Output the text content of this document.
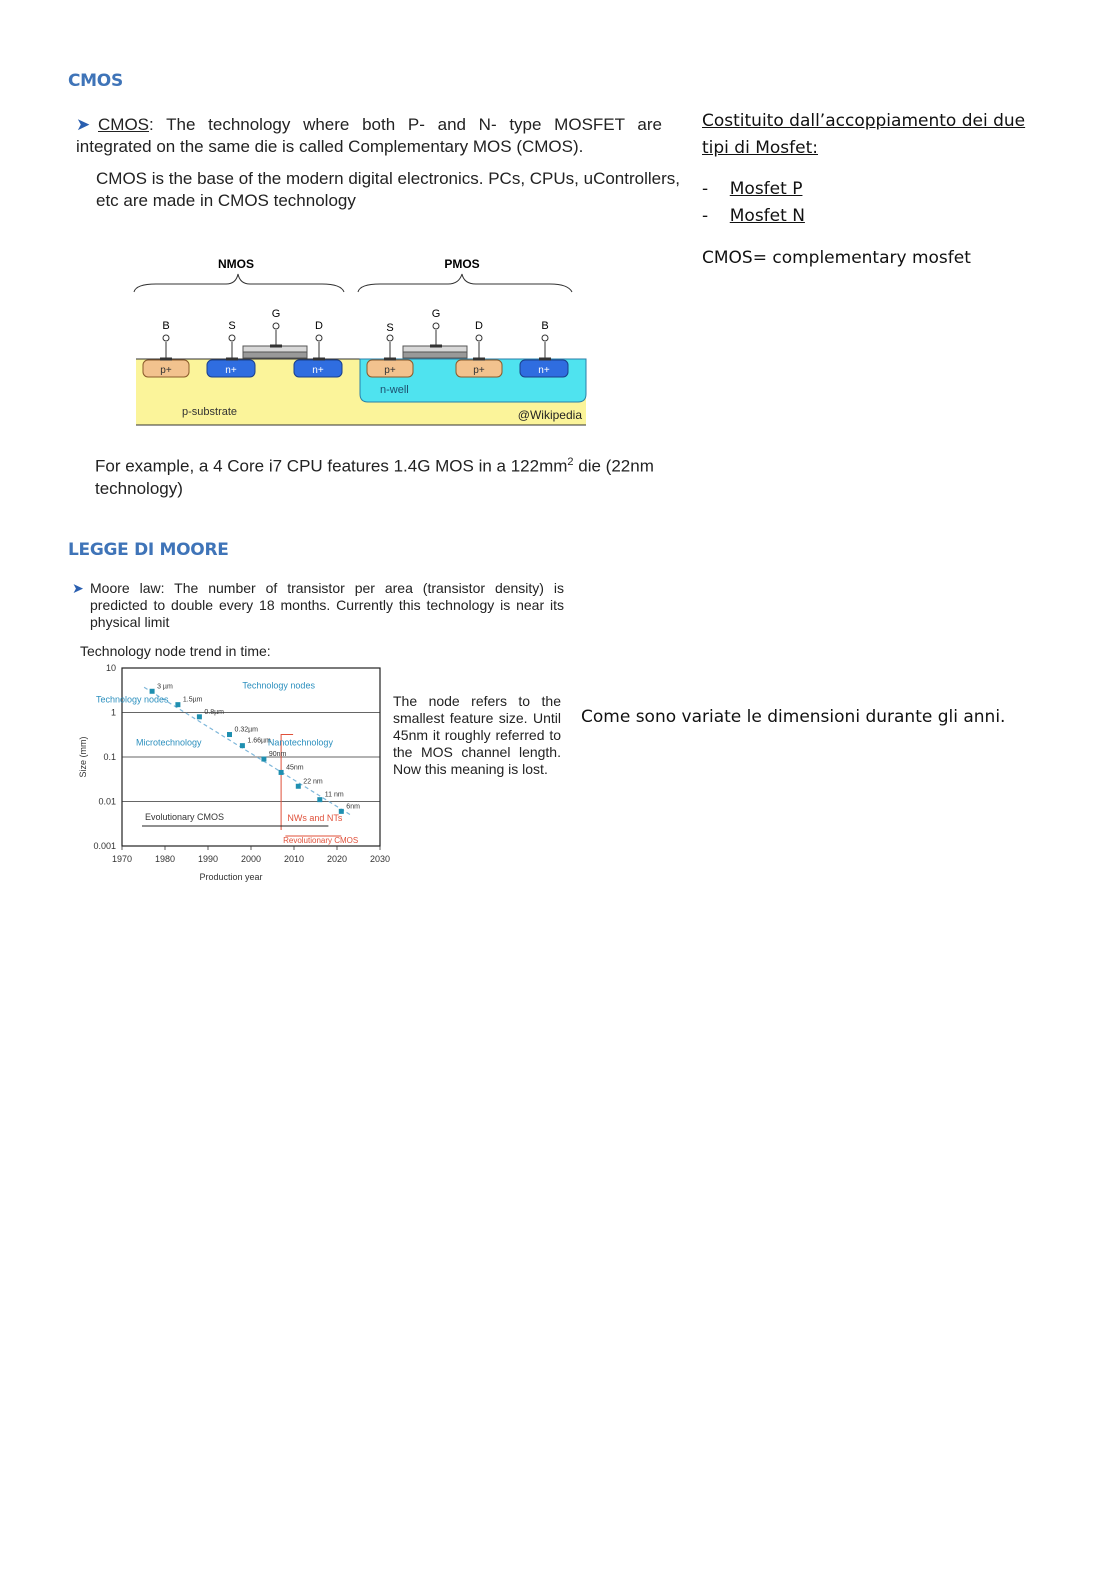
CMOS
➤ CMOS: The technology where both P- and N- type MOSFET are integrated on the same die is called Complementary MOS (CMOS).
CMOS is the base of the modern digital electronics. PCs, CPUs, uControllers, etc are made in CMOS technology
NMOS	PMOS
p+	n+	n+	p+	p+	n+
B	S
G
D	S
G
D	B
n-well
p-substrate	@Wikipedia
For example, a 4 Core i7 CPU features 1.4G MOS in a $122mm^2$ die (22nm technology)
Costituito dall’accoppiamento dei due tipi di Mosfet:
-    Mosfet P
-    Mosfet N
CMOS= complementary mosfet
LEGGE DI MOORE
➤ Moore law: The number of transistor per area (transistor density) is predicted to double every 18 months. Currently this technology is near its physical limit
Technology node trend in time:
10
1
0.1
0.01
0.001
1970	1980	1990	2000	2010	2020	2030
Production year
Size (mm)
3 µm
1.5µm
0.8µm
0.32µm
1.66µm
90nm
45nm
22 nm
11 nm
6nm
Technology nodes
Technology nodes
Microtechnology	Nanotechnology
Evolutionary CMOS	NWs and NTs
Revolutionary CMOS
The node refers to the smallest feature size. Until 45nm it roughly referred to the MOS channel length. Now this meaning is lost.
Come sono variate le dimensioni durante gli anni.
